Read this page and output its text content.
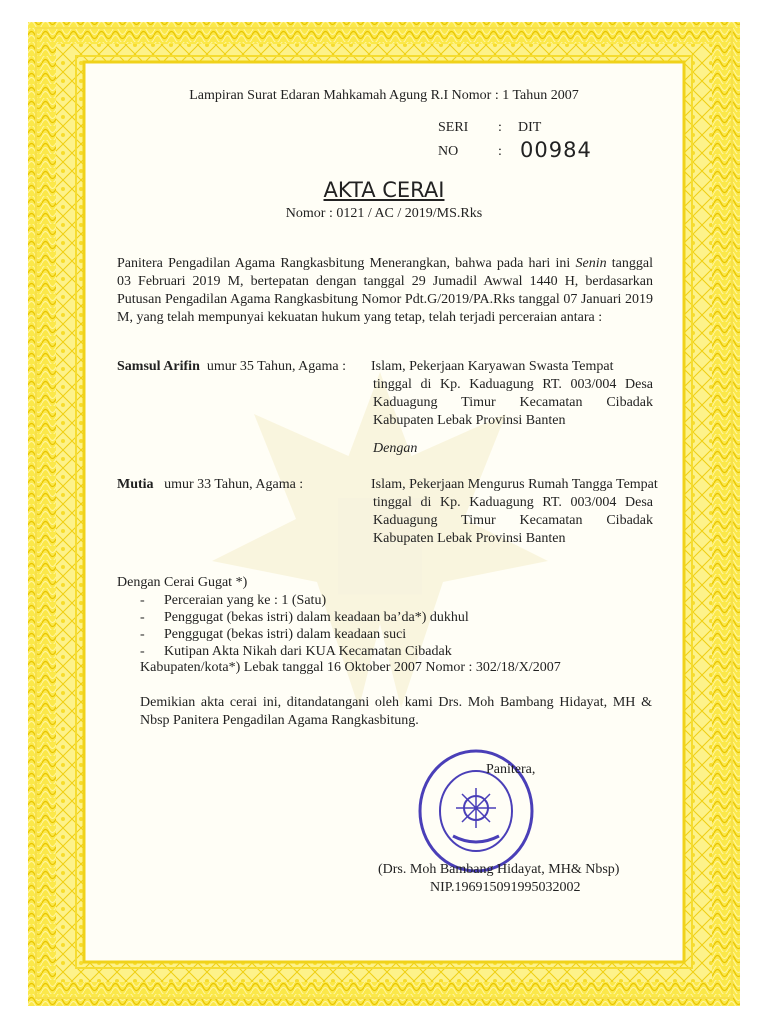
Lampiran Surat Edaran Mahkamah Agung R.I Nomor : 1 Tahun 2007
SERI : DIT
NO	: 00984
AKTA CERAI
Nomor : 0121 / AC / 2019/MS.Rks
Panitera Pengadilan Agama Rangkasbitung Menerangkan, bahwa pada hari ini Senin tanggal 03 Februari 2019 M, bertepatan dengan tanggal 29 Jumadil Awwal 1440 H, berdasarkan Putusan Pengadilan Agama Rangkasbitung Nomor Pdt.G/2019/PA.Rks tanggal 07 Januari 2019 M, yang telah mempunyai kekuatan hukum yang tetap, telah terjadi perceraian antara :
Samsul Arifin umur 35 Tahun, Agama : Islam, Pekerjaan Karyawan Swasta Tempat
tinggal di Kp. Kaduagung RT. 003/004 Desa Kaduagung Timur Kecamatan Cibadak Kabupaten Lebak Provinsi Banten
Dengan
Mutia umur 33 Tahun, Agama :	Islam, Pekerjaan Mengurus Rumah Tangga Tempat
tinggal di Kp. Kaduagung RT. 003/004 Desa Kaduagung Timur Kecamatan Cibadak Kabupaten Lebak Provinsi Banten
Dengan Cerai Gugat *)
- Perceraian yang ke : 1 (Satu)
- Penggugat (bekas istri) dalam keadaan ba’da*) dukhul
- Penggugat (bekas istri) dalam keadaan suci
- Kutipan Akta Nikah dari KUA Kecamatan Cibadak
Kabupaten/kota*) Lebak tanggal 16 Oktober 2007 Nomor : 302/18/X/2007
Demikian akta cerai ini, ditandatangani oleh kami Drs. Moh Bambang Hidayat, MH & Nbsp Panitera Pengadilan Agama Rangkasbitung.
Panitera,
(Drs. Moh Bambang Hidayat, MH& Nbsp)
NIP.196915091995032002
